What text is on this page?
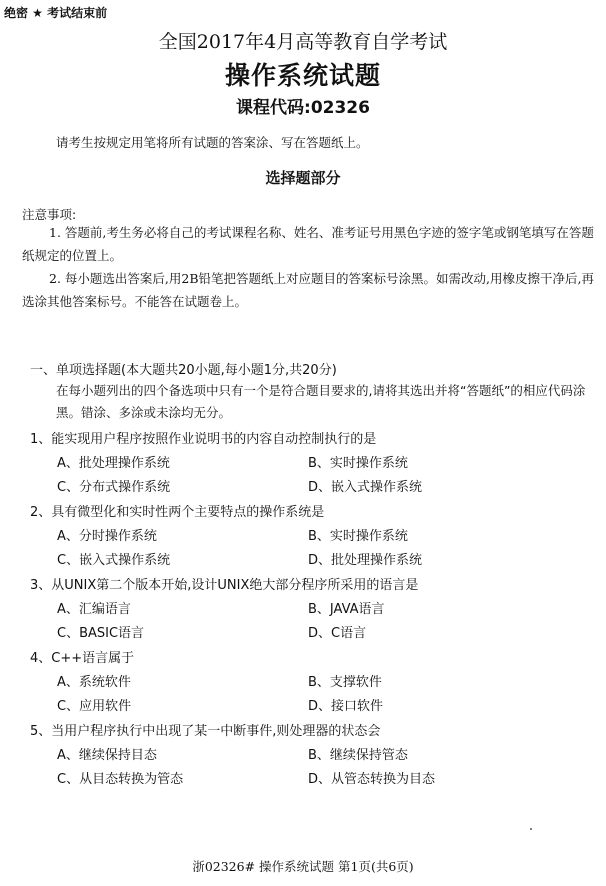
绝密 ★ 考试结束前
全国2017年4月高等教育自学考试
操作系统试题
课程代码:02326
请考生按规定用笔将所有试题的答案涂、写在答题纸上。
选择题部分
注意事项:
1. 答题前,考生务必将自己的考试课程名称、姓名、准考证号用黑色字迹的签字笔或钢笔填写在答题纸规定的位置上。
2. 每小题选出答案后,用2B铅笔把答题纸上对应题目的答案标号涂黑。如需改动,用橡皮擦干净后,再选涂其他答案标号。不能答在试题卷上。
一、单项选择题(本大题共20小题,每小题1分,共20分)
在每小题列出的四个备选项中只有一个是符合题目要求的,请将其选出并将“答题纸”的相应代码涂黑。错涂、多涂或未涂均无分。
1、能实现用户程序按照作业说明书的内容自动控制执行的是
A、批处理操作系统	B、实时操作系统
C、分布式操作系统	D、嵌入式操作系统
2、具有微型化和实时性两个主要特点的操作系统是
A、分时操作系统	B、实时操作系统
C、嵌入式操作系统	D、批处理操作系统
3、从UNIX第二个版本开始,设计UNIX绝大部分程序所采用的语言是
A、汇编语言	B、JAVA语言
C、BASIC语言	D、C语言
4、C++语言属于
A、系统软件	B、支撑软件
C、应用软件	D、接口软件
5、当用户程序执行中出现了某一中断事件,则处理器的状态会
A、继续保持目态	B、继续保持管态
C、从目态转换为管态	D、从管态转换为目态
浙02326# 操作系统试题 第1页(共6页)
